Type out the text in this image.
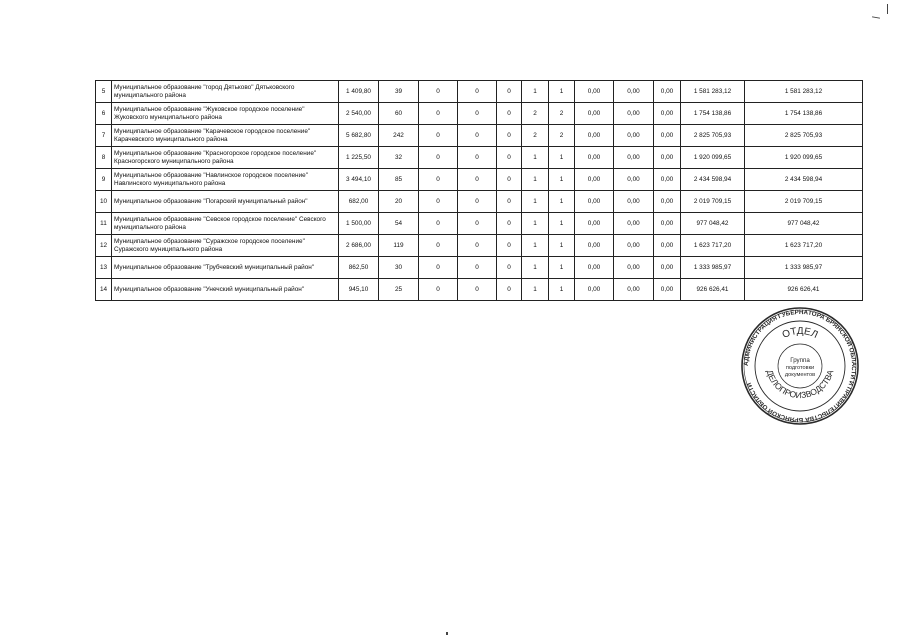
5	Муниципальное образование "город Дятьково" Дятьковского муниципального района	1 409,80	39	0	0	0	1	1	0,00	0,00	0,00	1 581 283,12	1 581 283,12
6	Муниципальное образование "Жуковское городское поселение" Жуковского муниципального района	2 540,00	60	0	0	0	2	2	0,00	0,00	0,00	1 754 138,86	1 754 138,86
7	Муниципальное образование "Карачевское городское поселение" Карачевского муниципального района	5 682,80	242	0	0	0	2	2	0,00	0,00	0,00	2 825 705,93	2 825 705,93
8	Муниципальное образование "Красногорское городское поселение" Красногорского муниципального района	1 225,50	32	0	0	0	1	1	0,00	0,00	0,00	1 920 099,65	1 920 099,65
9	Муниципальное образование "Навлинское городское поселение" Навлинского муниципального района	3 494,10	85	0	0	0	1	1	0,00	0,00	0,00	2 434 598,94	2 434 598,94
10	Муниципальное образование "Погарский муниципальный район"	682,00	20	0	0	0	1	1	0,00	0,00	0,00	2 019 709,15	2 019 709,15
11	Муниципальное образование "Севское городское поселение" Севского муниципального района	1 500,00	54	0	0	0	1	1	0,00	0,00	0,00	977 048,42	977 048,42
12	Муниципальное образование "Суражское городское поселение" Суражского муниципального района	2 686,00	119	0	0	0	1	1	0,00	0,00	0,00	1 623 717,20	1 623 717,20
13	Муниципальное образование "Трубчевский муниципальный район"	862,50	30	0	0	0	1	1	0,00	0,00	0,00	1 333 985,97	1 333 985,97
14	Муниципальное образование "Унечский муниципальный район"	945,10	25	0	0	0	1	1	0,00	0,00	0,00	926 626,41	926 626,41
АДМИНИСТРАЦИЯ ГУБЕРНАТОРА БРЯНСКОЙ ОБЛАСТИ И ПРАВИТЕЛЬСТВА БРЯНСКОЙ ОБЛАСТИ
ОТДЕЛ
ДЕЛОПРОИЗВОДСТВА
Группа
подготовки
документов
